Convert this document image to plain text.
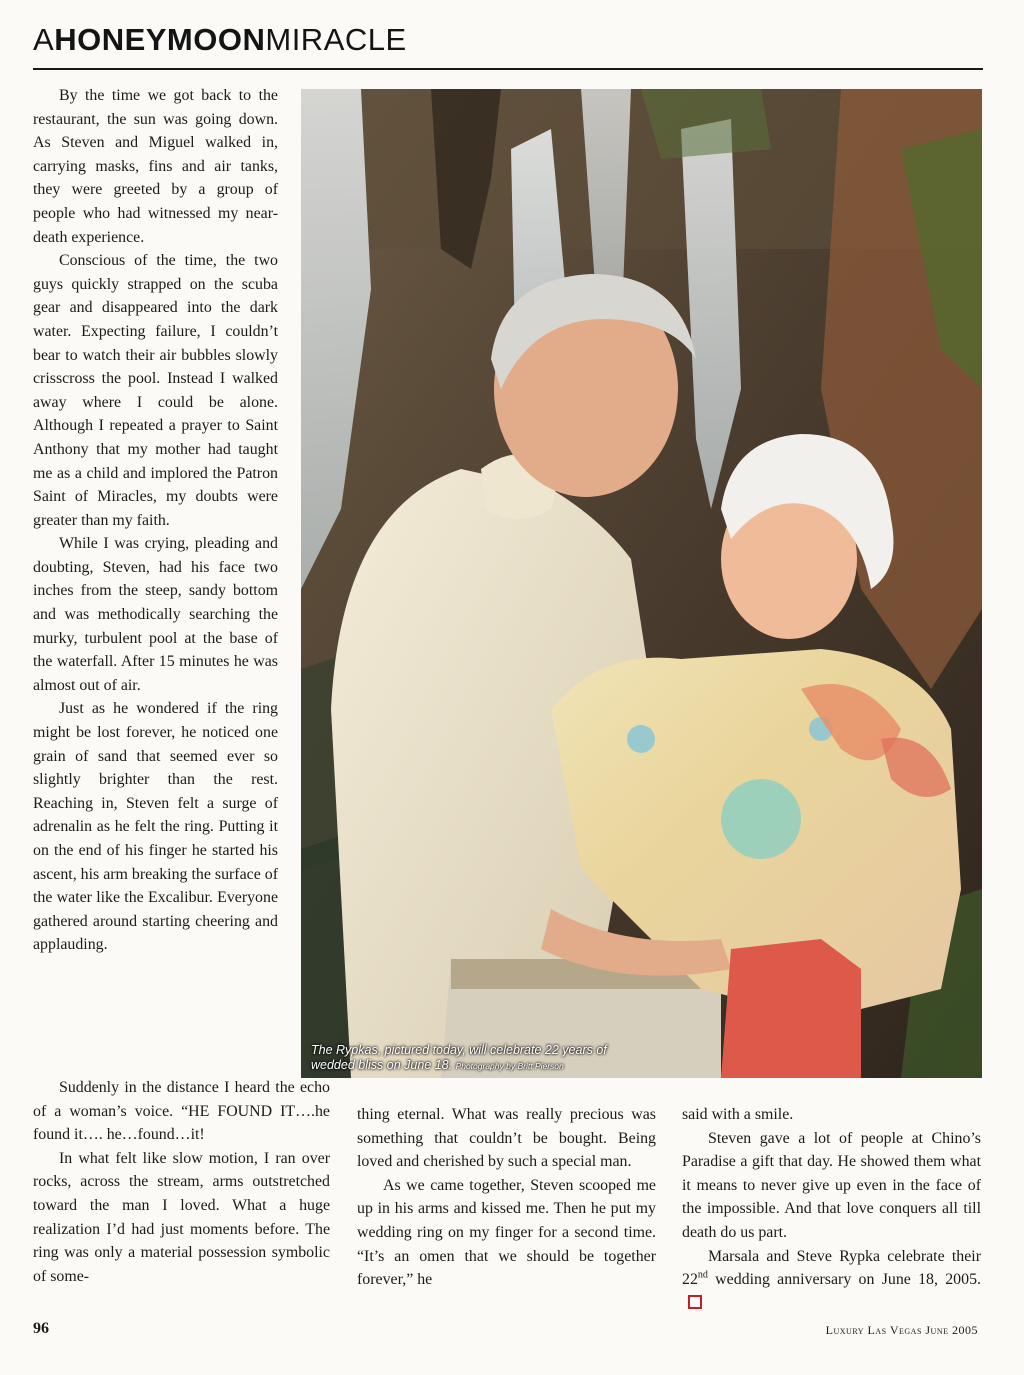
AHONEYMOONMIRACLE

By the time we got back to the restaurant, the sun was going down. As Steven and Miguel walked in, carrying masks, fins and air tanks, they were greeted by a group of people who had witnessed my near-death experience.

Conscious of the time, the two guys quickly strapped on the scuba gear and disappeared into the dark water. Expecting failure, I couldn’t bear to watch their air bubbles slowly crisscross the pool. Instead I walked away where I could be alone. Although I repeated a prayer to Saint Anthony that my mother had taught me as a child and implored the Patron Saint of Miracles, my doubts were greater than my faith.

While I was crying, pleading and doubting, Steven, had his face two inches from the steep, sandy bottom and was methodically searching the murky, turbulent pool at the base of the waterfall. After 15 minutes he was almost out of air.

Just as he wondered if the ring might be lost forever, he noticed one grain of sand that seemed ever so slightly brighter than the rest. Reaching in, Steven felt a surge of adrenalin as he felt the ring. Putting it on the end of his finger he started his ascent, his arm breaking the surface of the water like the Excalibur. Everyone gathered around starting cheering and applauding.

The Rypkas, pictured today, will celebrate 22 years of wedded bliss on June 18. Photography by Britt Pierson

Suddenly in the distance I heard the echo of a woman’s voice. “HE FOUND IT….he found it…. he…found…it!

In what felt like slow motion, I ran over rocks, across the stream, arms outstretched toward the man I loved. What a huge realization I’d had just moments before. The ring was only a material possession symbolic of some-

thing eternal. What was really precious was something that couldn’t be bought. Being loved and cherished by such a special man.

As we came together, Steven scooped me up in his arms and kissed me. Then he put my wedding ring on my finger for a second time. “It’s an omen that we should be together forever,” he

said with a smile.

Steven gave a lot of people at Chino’s Paradise a gift that day. He showed them what it means to never give up even in the face of the impossible. And that love conquers all till death do us part.

Marsala and Steve Rypka celebrate their 22nd wedding anniversary on June 18, 2005.

96	Luxury Las Vegas June 2005
